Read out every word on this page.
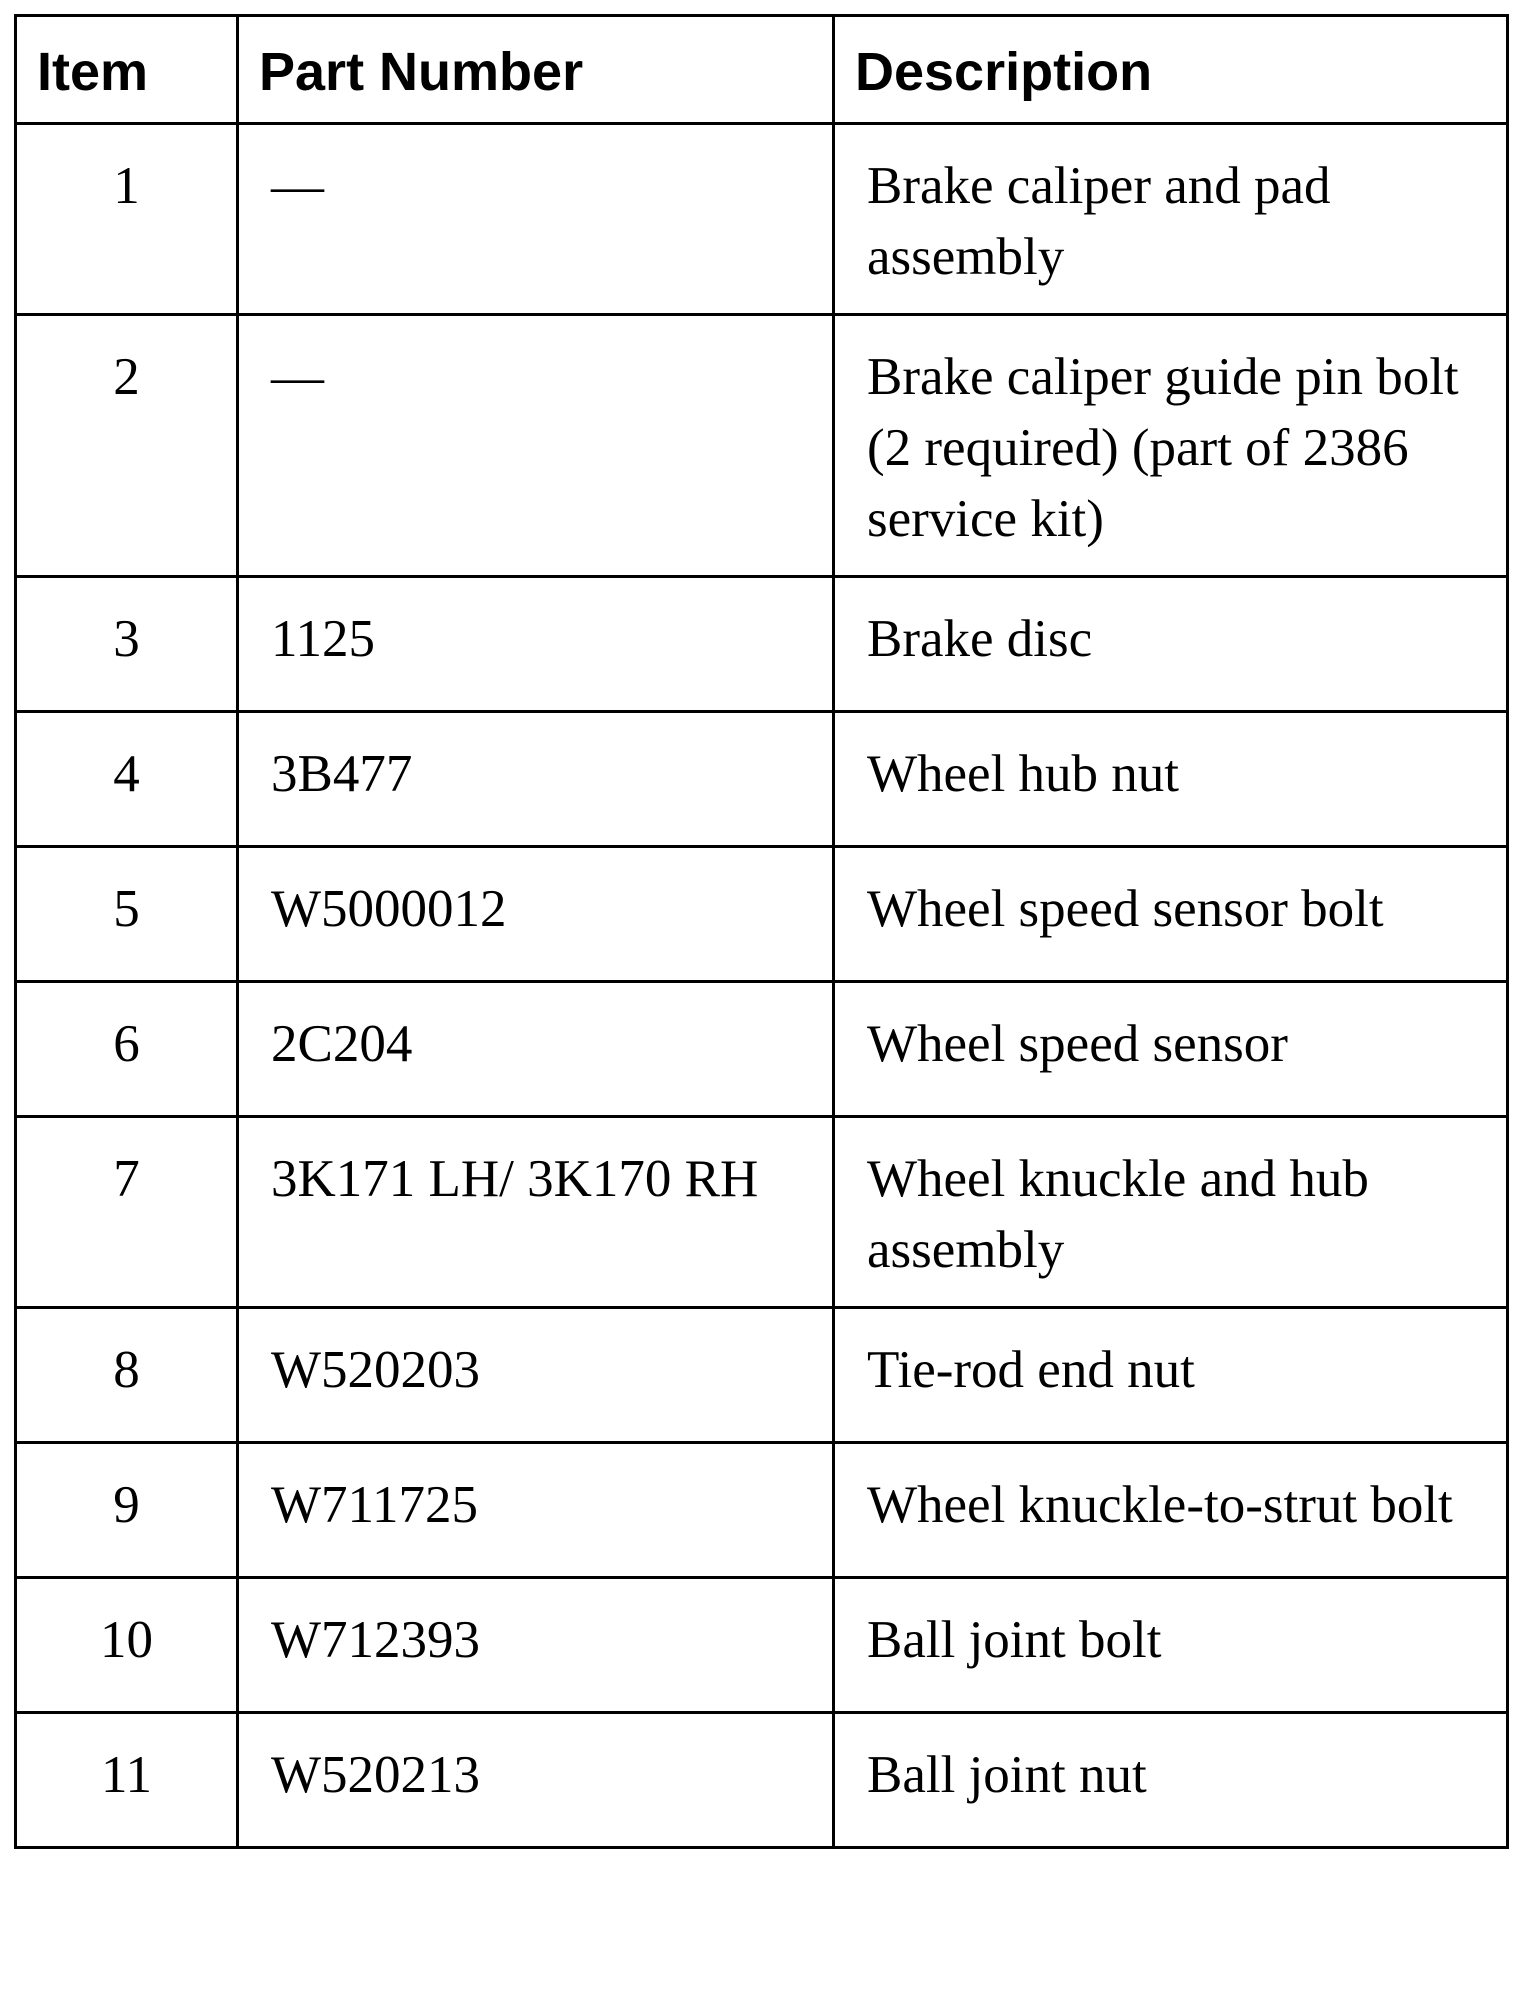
Item	Part Number	Description
1	—	Brake caliper and pad assembly
2	—	Brake caliper guide pin bolt (2 required) (part of 2386 service kit)
3	1125	Brake disc
4	3B477	Wheel hub nut
5	W5000012	Wheel speed sensor bolt
6	2C204	Wheel speed sensor
7	3K171 LH/ 3K170 RH	Wheel knuckle and hub assembly
8	W520203	Tie-rod end nut
9	W711725	Wheel knuckle-to-strut bolt
10	W712393	Ball joint bolt
11	W520213	Ball joint nut
